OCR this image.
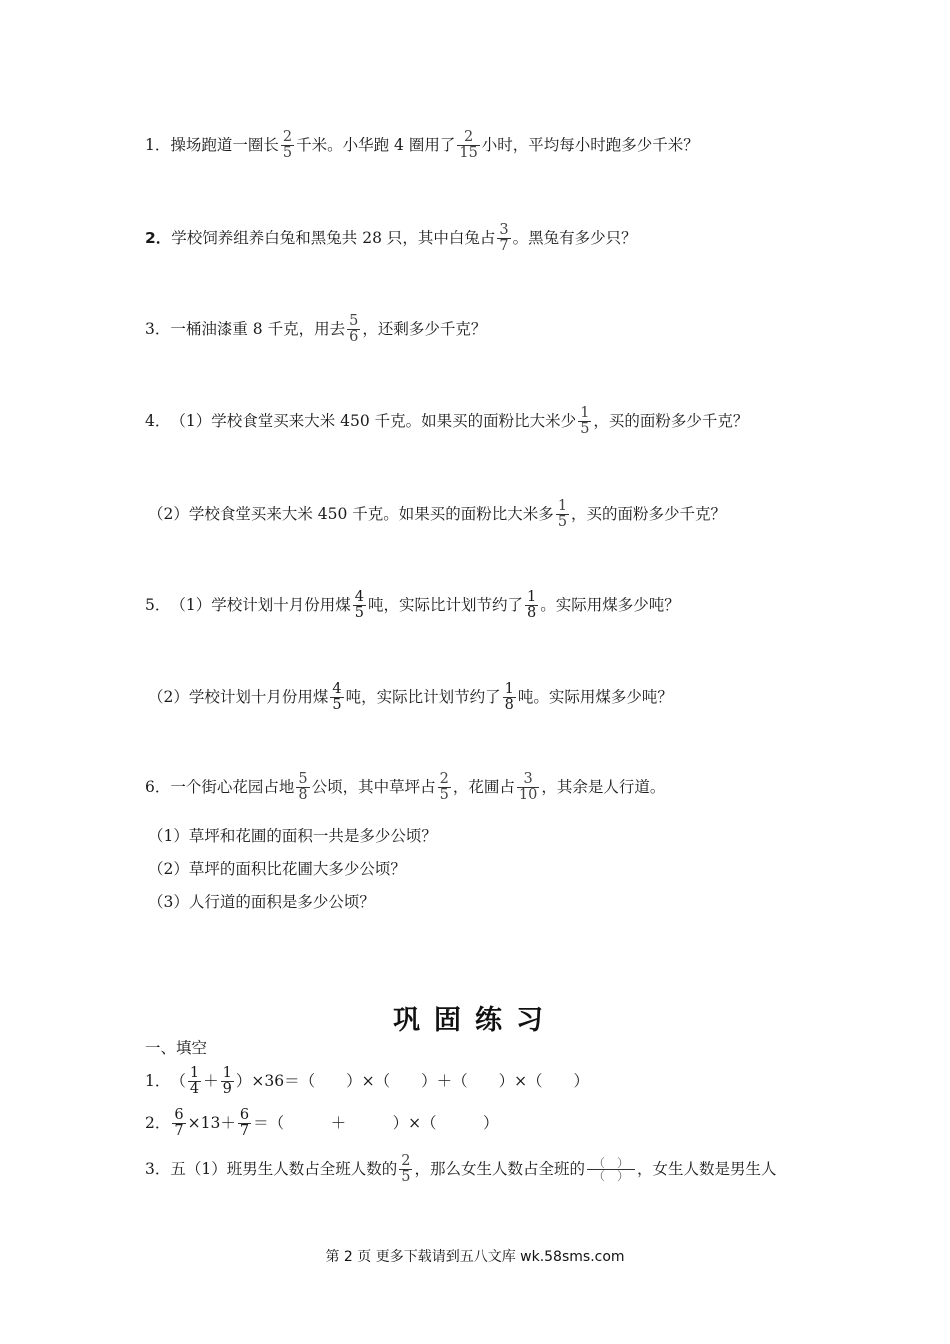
1． 操场跑道一圈长 $\frac{2}{5}$ 千米。小华跑 4 圈用了 $\frac{2}{15}$ 小时，平均每小时跑多少千米？
2． 学校饲养组养白兔和黑兔共 28 只，其中白兔占 $\frac{3}{7}$ 。黑兔有多少只？
3． 一桶油漆重 8 千克，用去 $\frac{5}{6}$ ，还剩多少千克？
4． （1）学校食堂买来大米 450 千克。如果买的面粉比大米少 $\frac{1}{5}$ ，买的面粉多少千克？
（2）学校食堂买来大米 450 千克。如果买的面粉比大米多 $\frac{1}{5}$ ，买的面粉多少千克？
5． （1）学校计划十月份用煤 $\frac{4}{5}$ 吨，实际比计划节约了 $\frac{1}{8}$ 。实际用煤多少吨？
（2）学校计划十月份用煤 $\frac{4}{5}$ 吨，实际比计划节约了 $\frac{1}{8}$ 吨。实际用煤多少吨？
6． 一个街心花园占地 $\frac{5}{8}$ 公顷，其中草坪占 $\frac{2}{5}$ ，花圃占 $\frac{3}{10}$ ，其余是人行道。
（1）草坪和花圃的面积一共是多少公顷？
（2）草坪的面积比花圃大多少公顷？
（3）人行道的面积是多少公顷？
巩固练习
一、填空
1． （ $\frac{1}{4} + \frac{1}{9} )\times 36=$（　　）×（　　）＋（　　）×（　　）
2． $\frac{6}{7} \times 13+ \frac{6}{7}$ ＝（　　　＋　　　）×（　　　）
3． 五（1）班男生人数占全班人数的 $\frac{2}{5}$ ，那么女生人数占全班的 $\frac{( )}{( )}$ ，女生人数是男生人
第 2 页 更多下载请到五八文库 wk.58sms.com
